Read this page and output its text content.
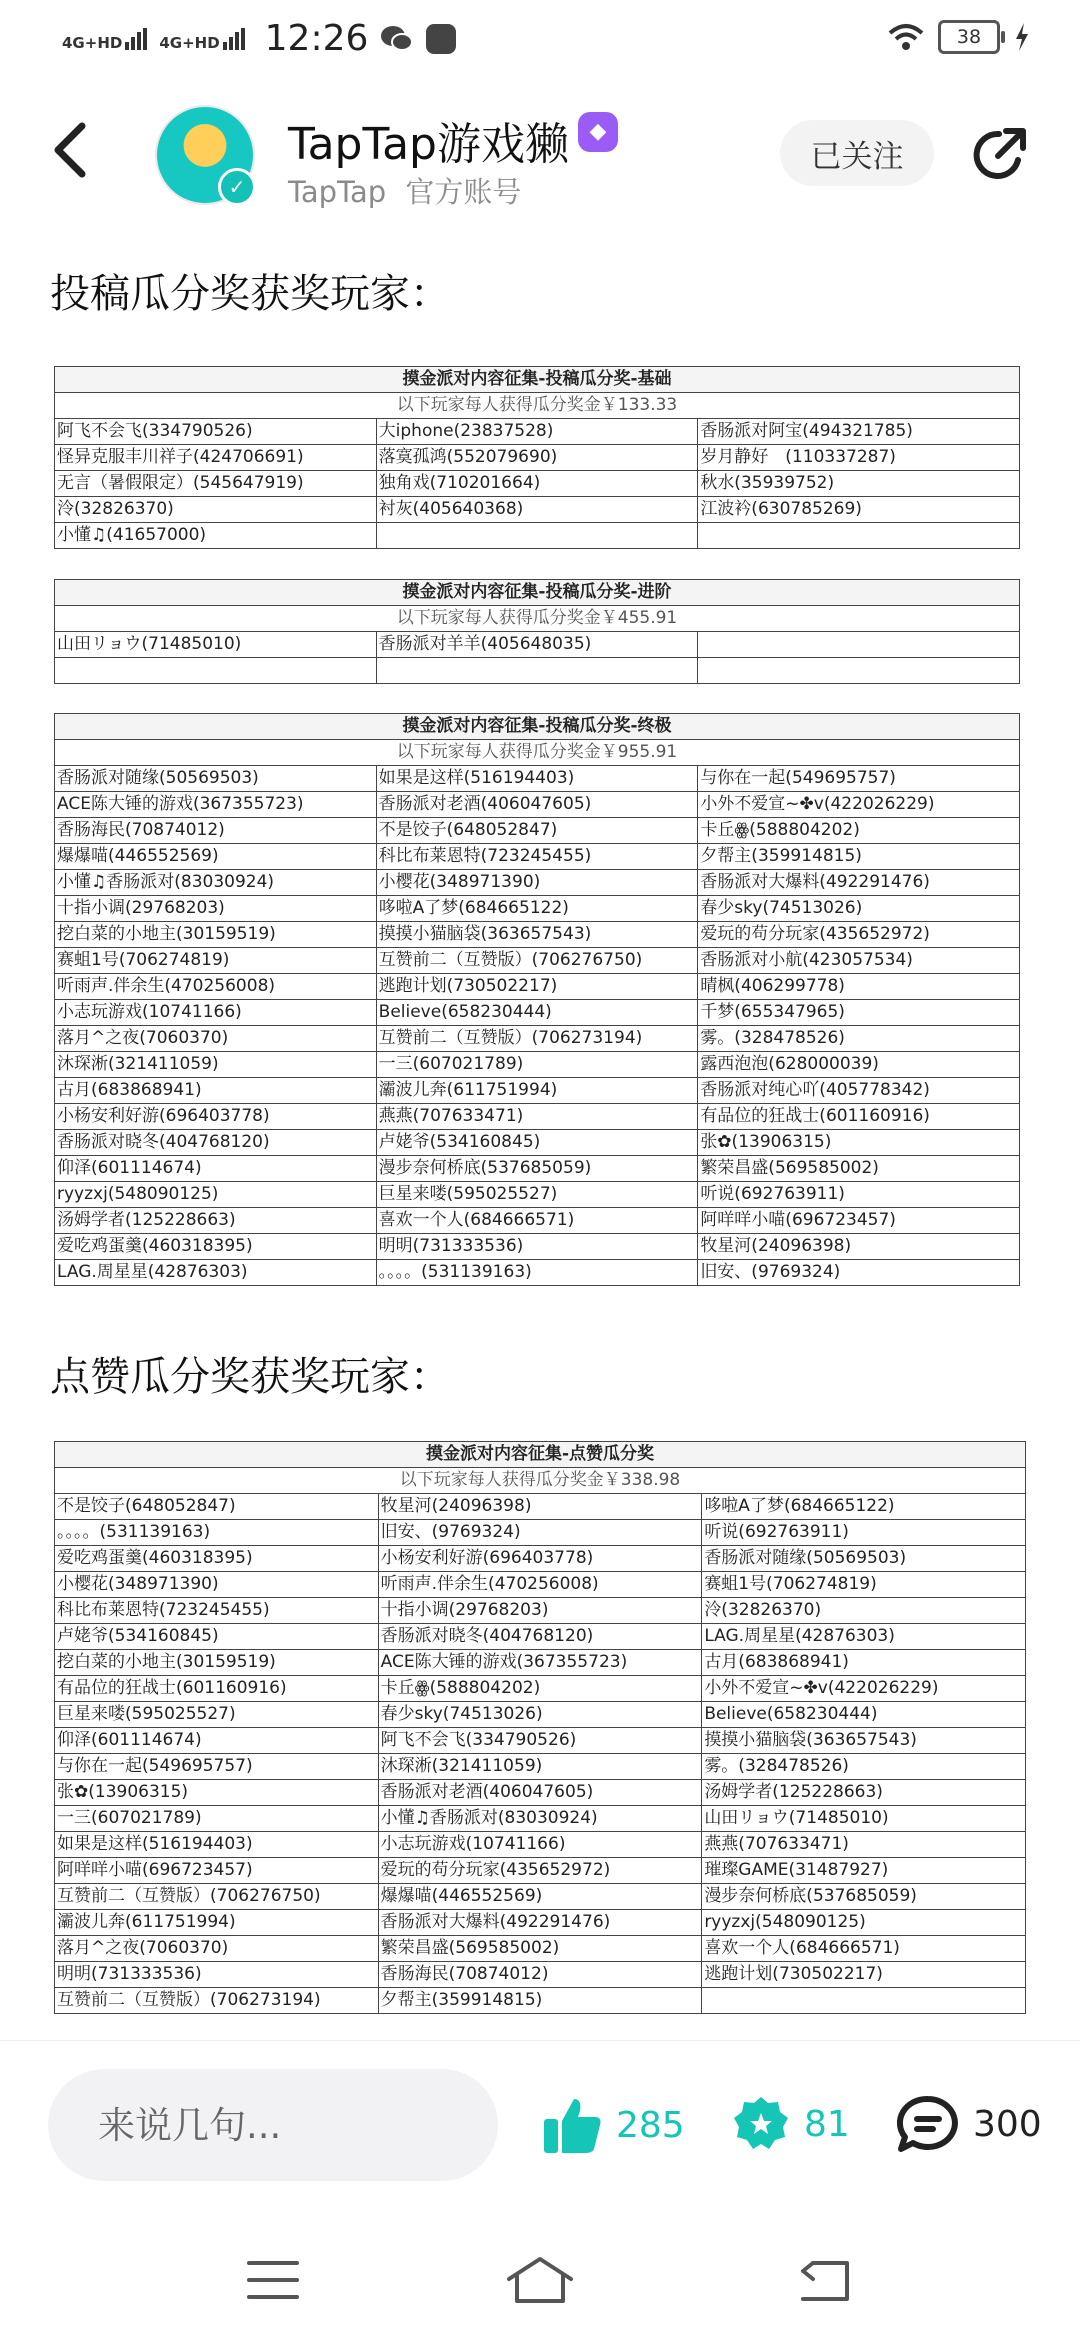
4G+HD 4G+HD 12:26	38
✓
TapTap游戏獭 ◆
TapTap 官方账号
已关注
投稿瓜分奖获奖玩家：
摸金派对内容征集-投稿瓜分奖-基础		
以下玩家每人获得瓜分奖金￥133.33		
阿飞不会飞(334790526)	大iphone(23837528)	香肠派对阿宝(494321785)
怪异克服丰川祥子(424706691)	落寞孤鸿(552079690)	岁月静好　(110337287)
无言（暑假限定）(545647919)	独角戏(710201664)	秋水(35939752)
泠(32826370)	衬灰(405640368)	江波衿(630785269)
小懂♫(41657000)		
摸金派对内容征集-投稿瓜分奖-进阶		
以下玩家每人获得瓜分奖金￥455.91		
山田リョウ(71485010)	香肠派对羊羊(405648035)	

摸金派对内容征集-投稿瓜分奖-终极		
以下玩家每人获得瓜分奖金￥955.91		
香肠派对随缘(50569503)	如果是这样(516194403)	与你在一起(549695757)
ACE陈大锤的游戏(367355723)	香肠派对老酒(406047605)	小外不爱宣~✤v(422026229)
香肠海民(70874012)	不是饺子(648052847)	卡丘ꙮ(588804202)
爆爆喵(446552569)	科比布莱恩特(723245455)	夕帮主(359914815)
小懂♫香肠派对(83030924)	小樱花(348971390)	香肠派对大爆料(492291476)
十指小调(29768203)	哆啦A了梦(684665122)	春少sky(74513026)
挖白菜的小地主(30159519)	摸摸小猫脑袋(363657543)	爱玩的苟分玩家(435652972)
赛蛆1号(706274819)	互赞前二（互赞版）(706276750)	香肠派对小航(423057534)
听雨声.伴余生(470256008)	逃跑计划(730502217)	晴枫(406299778)
小志玩游戏(10741166)	Believe(658230444)	千梦(655347965)
落月^之夜(7060370)	互赞前二（互赞版）(706273194)	雾。(328478526)
沐琛淅(321411059)	一三(607021789)	露西泡泡(628000039)
古月(683868941)	灞波儿奔(611751994)	香肠派对纯心吖(405778342)
小杨安利好游(696403778)	燕燕(707633471)	有品位的狂战士(601160916)
香肠派对晓冬(404768120)	卢姥爷(534160845)	张✿(13906315)
仰泽(601114674)	漫步奈何桥底(537685059)	繁荣昌盛(569585002)
ryyzxj(548090125)	巨星来喽(595025527)	听说(692763911)
汤姆学者(125228663)	喜欢一个人(684666571)	阿咩咩小喵(696723457)
爱吃鸡蛋羹(460318395)	明明(731333536)	牧星河(24096398)
LAG.周星星(42876303)	。。。。(531139163)	旧安、(9769324)
点赞瓜分奖获奖玩家：
摸金派对内容征集-点赞瓜分奖		
以下玩家每人获得瓜分奖金￥338.98		
不是饺子(648052847)	牧星河(24096398)	哆啦A了梦(684665122)
。。。。(531139163)	旧安、(9769324)	听说(692763911)
爱吃鸡蛋羹(460318395)	小杨安利好游(696403778)	香肠派对随缘(50569503)
小樱花(348971390)	听雨声.伴余生(470256008)	赛蛆1号(706274819)
科比布莱恩特(723245455)	十指小调(29768203)	泠(32826370)
卢姥爷(534160845)	香肠派对晓冬(404768120)	LAG.周星星(42876303)
挖白菜的小地主(30159519)	ACE陈大锤的游戏(367355723)	古月(683868941)
有品位的狂战士(601160916)	卡丘ꙮ(588804202)	小外不爱宣~✤v(422026229)
巨星来喽(595025527)	春少sky(74513026)	Believe(658230444)
仰泽(601114674)	阿飞不会飞(334790526)	摸摸小猫脑袋(363657543)
与你在一起(549695757)	沐琛淅(321411059)	雾。(328478526)
张✿(13906315)	香肠派对老酒(406047605)	汤姆学者(125228663)
一三(607021789)	小懂♫香肠派对(83030924)	山田リョウ(71485010)
如果是这样(516194403)	小志玩游戏(10741166)	燕燕(707633471)
阿咩咩小喵(696723457)	爱玩的苟分玩家(435652972)	璀璨GAME(31487927)
互赞前二（互赞版）(706276750)	爆爆喵(446552569)	漫步奈何桥底(537685059)
灞波儿奔(611751994)	香肠派对大爆料(492291476)	ryyzxj(548090125)
落月^之夜(7060370)	繁荣昌盛(569585002)	喜欢一个人(684666571)
明明(731333536)	香肠海民(70874012)	逃跑计划(730502217)
互赞前二（互赞版）(706273194)	夕帮主(359914815)	
来说几句...
285	81	300
